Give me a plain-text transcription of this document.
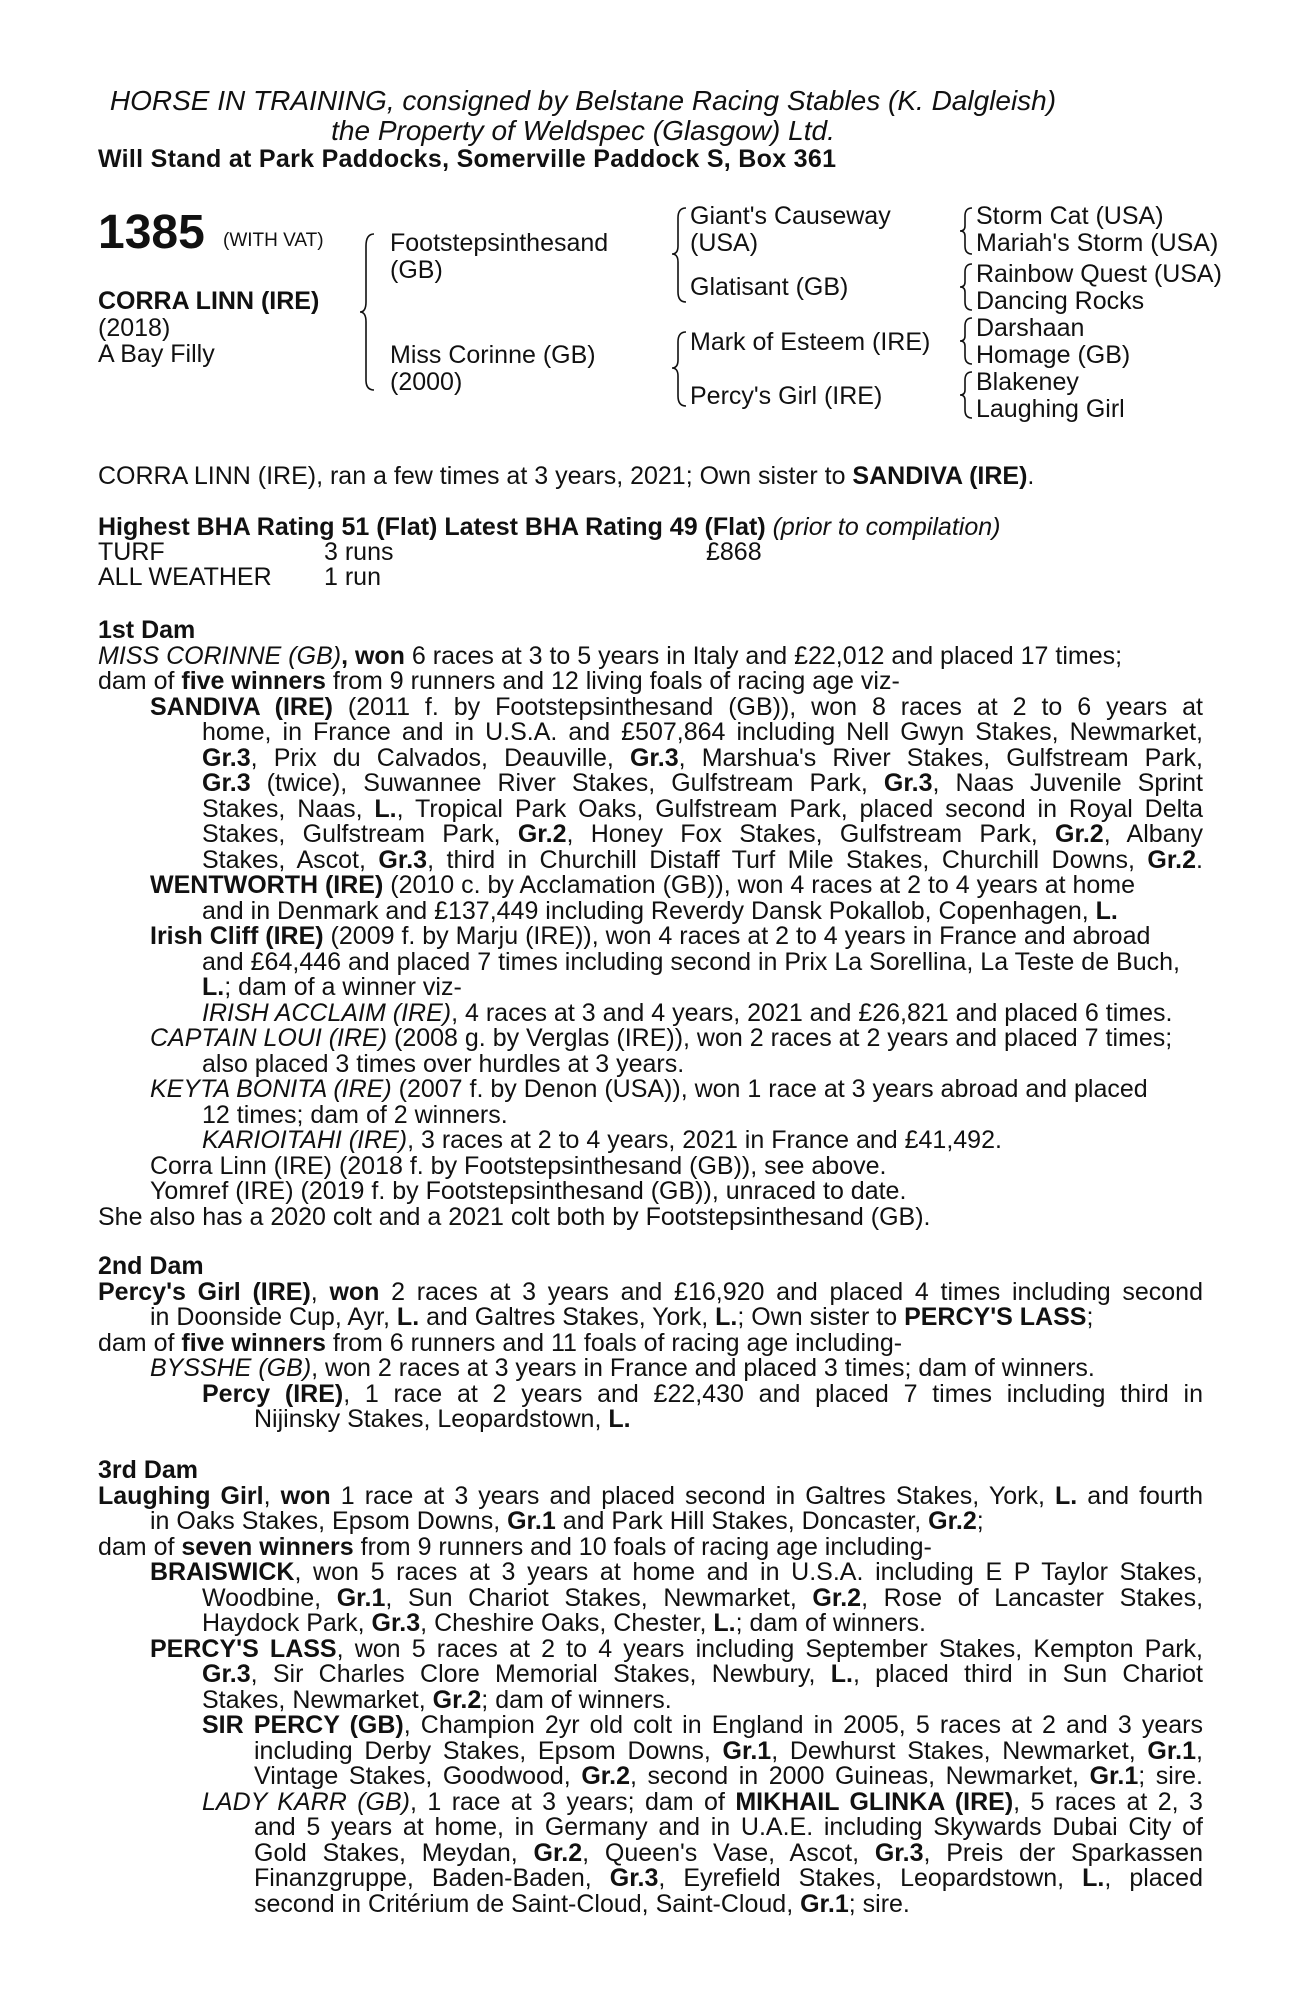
HORSE IN TRAINING, consigned by Belstane Racing Stables (K. Dalgleish)
the Property of Weldspec (Glasgow) Ltd.
Will Stand at Park Paddocks, Somerville Paddock S, Box 361
1385 (WITH VAT)
CORRA LINN (IRE)
(2018)
A Bay Filly
Footstepsinthesand
(GB)
Miss Corinne (GB)
(2000)
Giant's Causeway
(USA)
Glatisant (GB)
Mark of Esteem (IRE)
Percy's Girl (IRE)
Storm Cat (USA)
Mariah's Storm (USA)
Rainbow Quest (USA)
Dancing Rocks
Darshaan
Homage (GB)
Blakeney
Laughing Girl
CORRA LINN (IRE), ran a few times at 3 years, 2021; Own sister to SANDIVA (IRE).
Highest BHA Rating 51 (Flat) Latest BHA Rating 49 (Flat) (prior to compilation)
TURF	3 runs	£868
ALL WEATHER 1 run
1st Dam
MISS CORINNE (GB), won 6 races at 3 to 5 years in Italy and £22,012 and placed 17 times;
dam of five winners from 9 runners and 12 living foals of racing age viz-
SANDIVA (IRE) (2011 f. by Footstepsinthesand (GB)), won 8 races at 2 to 6 years at
home, in France and in U.S.A. and £507,864 including Nell Gwyn Stakes, Newmarket,
Gr.3, Prix du Calvados, Deauville, Gr.3, Marshua's River Stakes, Gulfstream Park,
Gr.3 (twice), Suwannee River Stakes, Gulfstream Park, Gr.3, Naas Juvenile Sprint
Stakes, Naas, L., Tropical Park Oaks, Gulfstream Park, placed second in Royal Delta
Stakes, Gulfstream Park, Gr.2, Honey Fox Stakes, Gulfstream Park, Gr.2, Albany
Stakes, Ascot, Gr.3, third in Churchill Distaff Turf Mile Stakes, Churchill Downs, Gr.2.
WENTWORTH (IRE) (2010 c. by Acclamation (GB)), won 4 races at 2 to 4 years at home
and in Denmark and £137,449 including Reverdy Dansk Pokallob, Copenhagen, L.
Irish Cliff (IRE) (2009 f. by Marju (IRE)), won 4 races at 2 to 4 years in France and abroad
and £64,446 and placed 7 times including second in Prix La Sorellina, La Teste de Buch,
L.; dam of a winner viz-
IRISH ACCLAIM (IRE), 4 races at 3 and 4 years, 2021 and £26,821 and placed 6 times.
CAPTAIN LOUI (IRE) (2008 g. by Verglas (IRE)), won 2 races at 2 years and placed 7 times;
also placed 3 times over hurdles at 3 years.
KEYTA BONITA (IRE) (2007 f. by Denon (USA)), won 1 race at 3 years abroad and placed
12 times; dam of 2 winners.
KARIOITAHI (IRE), 3 races at 2 to 4 years, 2021 in France and £41,492.
Corra Linn (IRE) (2018 f. by Footstepsinthesand (GB)), see above.
Yomref (IRE) (2019 f. by Footstepsinthesand (GB)), unraced to date.
She also has a 2020 colt and a 2021 colt both by Footstepsinthesand (GB).
2nd Dam
Percy's Girl (IRE), won 2 races at 3 years and £16,920 and placed 4 times including second
in Doonside Cup, Ayr, L. and Galtres Stakes, York, L.; Own sister to PERCY'S LASS;
dam of five winners from 6 runners and 11 foals of racing age including-
BYSSHE (GB), won 2 races at 3 years in France and placed 3 times; dam of winners.
Percy (IRE), 1 race at 2 years and £22,430 and placed 7 times including third in
Nijinsky Stakes, Leopardstown, L.
3rd Dam
Laughing Girl, won 1 race at 3 years and placed second in Galtres Stakes, York, L. and fourth
in Oaks Stakes, Epsom Downs, Gr.1 and Park Hill Stakes, Doncaster, Gr.2;
dam of seven winners from 9 runners and 10 foals of racing age including-
BRAISWICK, won 5 races at 3 years at home and in U.S.A. including E P Taylor Stakes,
Woodbine, Gr.1, Sun Chariot Stakes, Newmarket, Gr.2, Rose of Lancaster Stakes,
Haydock Park, Gr.3, Cheshire Oaks, Chester, L.; dam of winners.
PERCY'S LASS, won 5 races at 2 to 4 years including September Stakes, Kempton Park,
Gr.3, Sir Charles Clore Memorial Stakes, Newbury, L., placed third in Sun Chariot
Stakes, Newmarket, Gr.2; dam of winners.
SIR PERCY (GB), Champion 2yr old colt in England in 2005, 5 races at 2 and 3 years
including Derby Stakes, Epsom Downs, Gr.1, Dewhurst Stakes, Newmarket, Gr.1,
Vintage Stakes, Goodwood, Gr.2, second in 2000 Guineas, Newmarket, Gr.1; sire.
LADY KARR (GB), 1 race at 3 years; dam of MIKHAIL GLINKA (IRE), 5 races at 2, 3
and 5 years at home, in Germany and in U.A.E. including Skywards Dubai City of
Gold Stakes, Meydan, Gr.2, Queen's Vase, Ascot, Gr.3, Preis der Sparkassen
Finanzgruppe, Baden-Baden, Gr.3, Eyrefield Stakes, Leopardstown, L., placed
second in Critérium de Saint-Cloud, Saint-Cloud, Gr.1; sire.
